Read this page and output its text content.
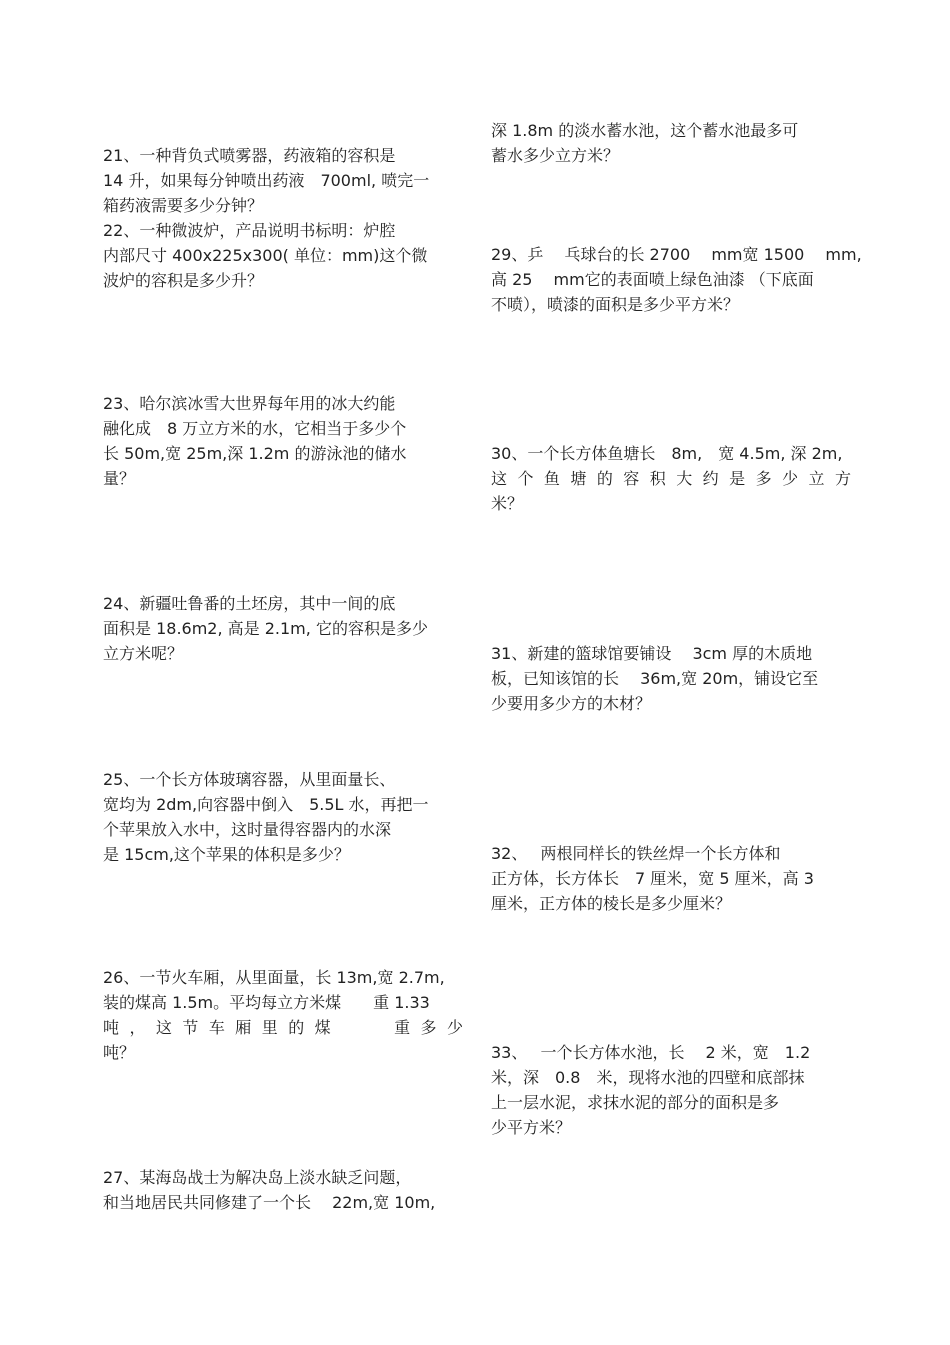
21、一种背负式喷雾器，药液箱的容积是
14 升，如果每分钟喷出药液　700ml, 喷完一
箱药液需要多少分钟？
22、一种微波炉，产品说明书标明：炉腔
内部尺寸 400x225x300( 单位：mm)这个微
波炉的容积是多少升？
23、哈尔滨冰雪大世界每年用的冰大约能
融化成　8 万立方米的水，它相当于多少个
长 50m,宽 25m,深 1.2m 的游泳池的储水
量？
24、新疆吐鲁番的土坯房，其中一间的底
面积是 18.6m2, 高是 2.1m, 它的容积是多少
立方米呢？
25、一个长方体玻璃容器，从里面量长、
宽均为 2dm,向容器中倒入　5.5L 水，再把一
个苹果放入水中，这时量得容器内的水深
是 15cm,这个苹果的体积是多少？
26、一节火车厢，从里面量，长 13m,宽 2.7m,
装的煤高 1.5m。平均每立方米煤　　重 1.33
吨，这节车厢里的煤　　重多少
吨？
27、某海岛战士为解决岛上淡水缺乏问题，
和当地居民共同修建了一个长　 22m,宽 10m,
深 1.8m 的淡水蓄水池，这个蓄水池最多可
蓄水多少立方米？
29、乒　 乓球台的长 2700　 mm宽 1500　 mm,
高 25　 mm它的表面喷上绿色油漆 （下底面
不喷），喷漆的面积是多少平方米？
30、一个长方体鱼塘长　8m,　宽 4.5m, 深 2m,
这个鱼塘的容积大约是多少立方
米？
31、新建的篮球馆要铺设　 3cm 厚的木质地
板，已知该馆的长　 36m,宽 20m，铺设它至
少要用多少方的木材？
32、　 两根同样长的铁丝焊一个长方体和
正方体，长方体长　7 厘米，宽 5 厘米，高 3
厘米，正方体的棱长是多少厘米？
33、　 一个长方体水池，长　 2 米，宽　1.2
米，深　0.8　米，现将水池的四壁和底部抹
上一层水泥，求抹水泥的部分的面积是多
少平方米？
